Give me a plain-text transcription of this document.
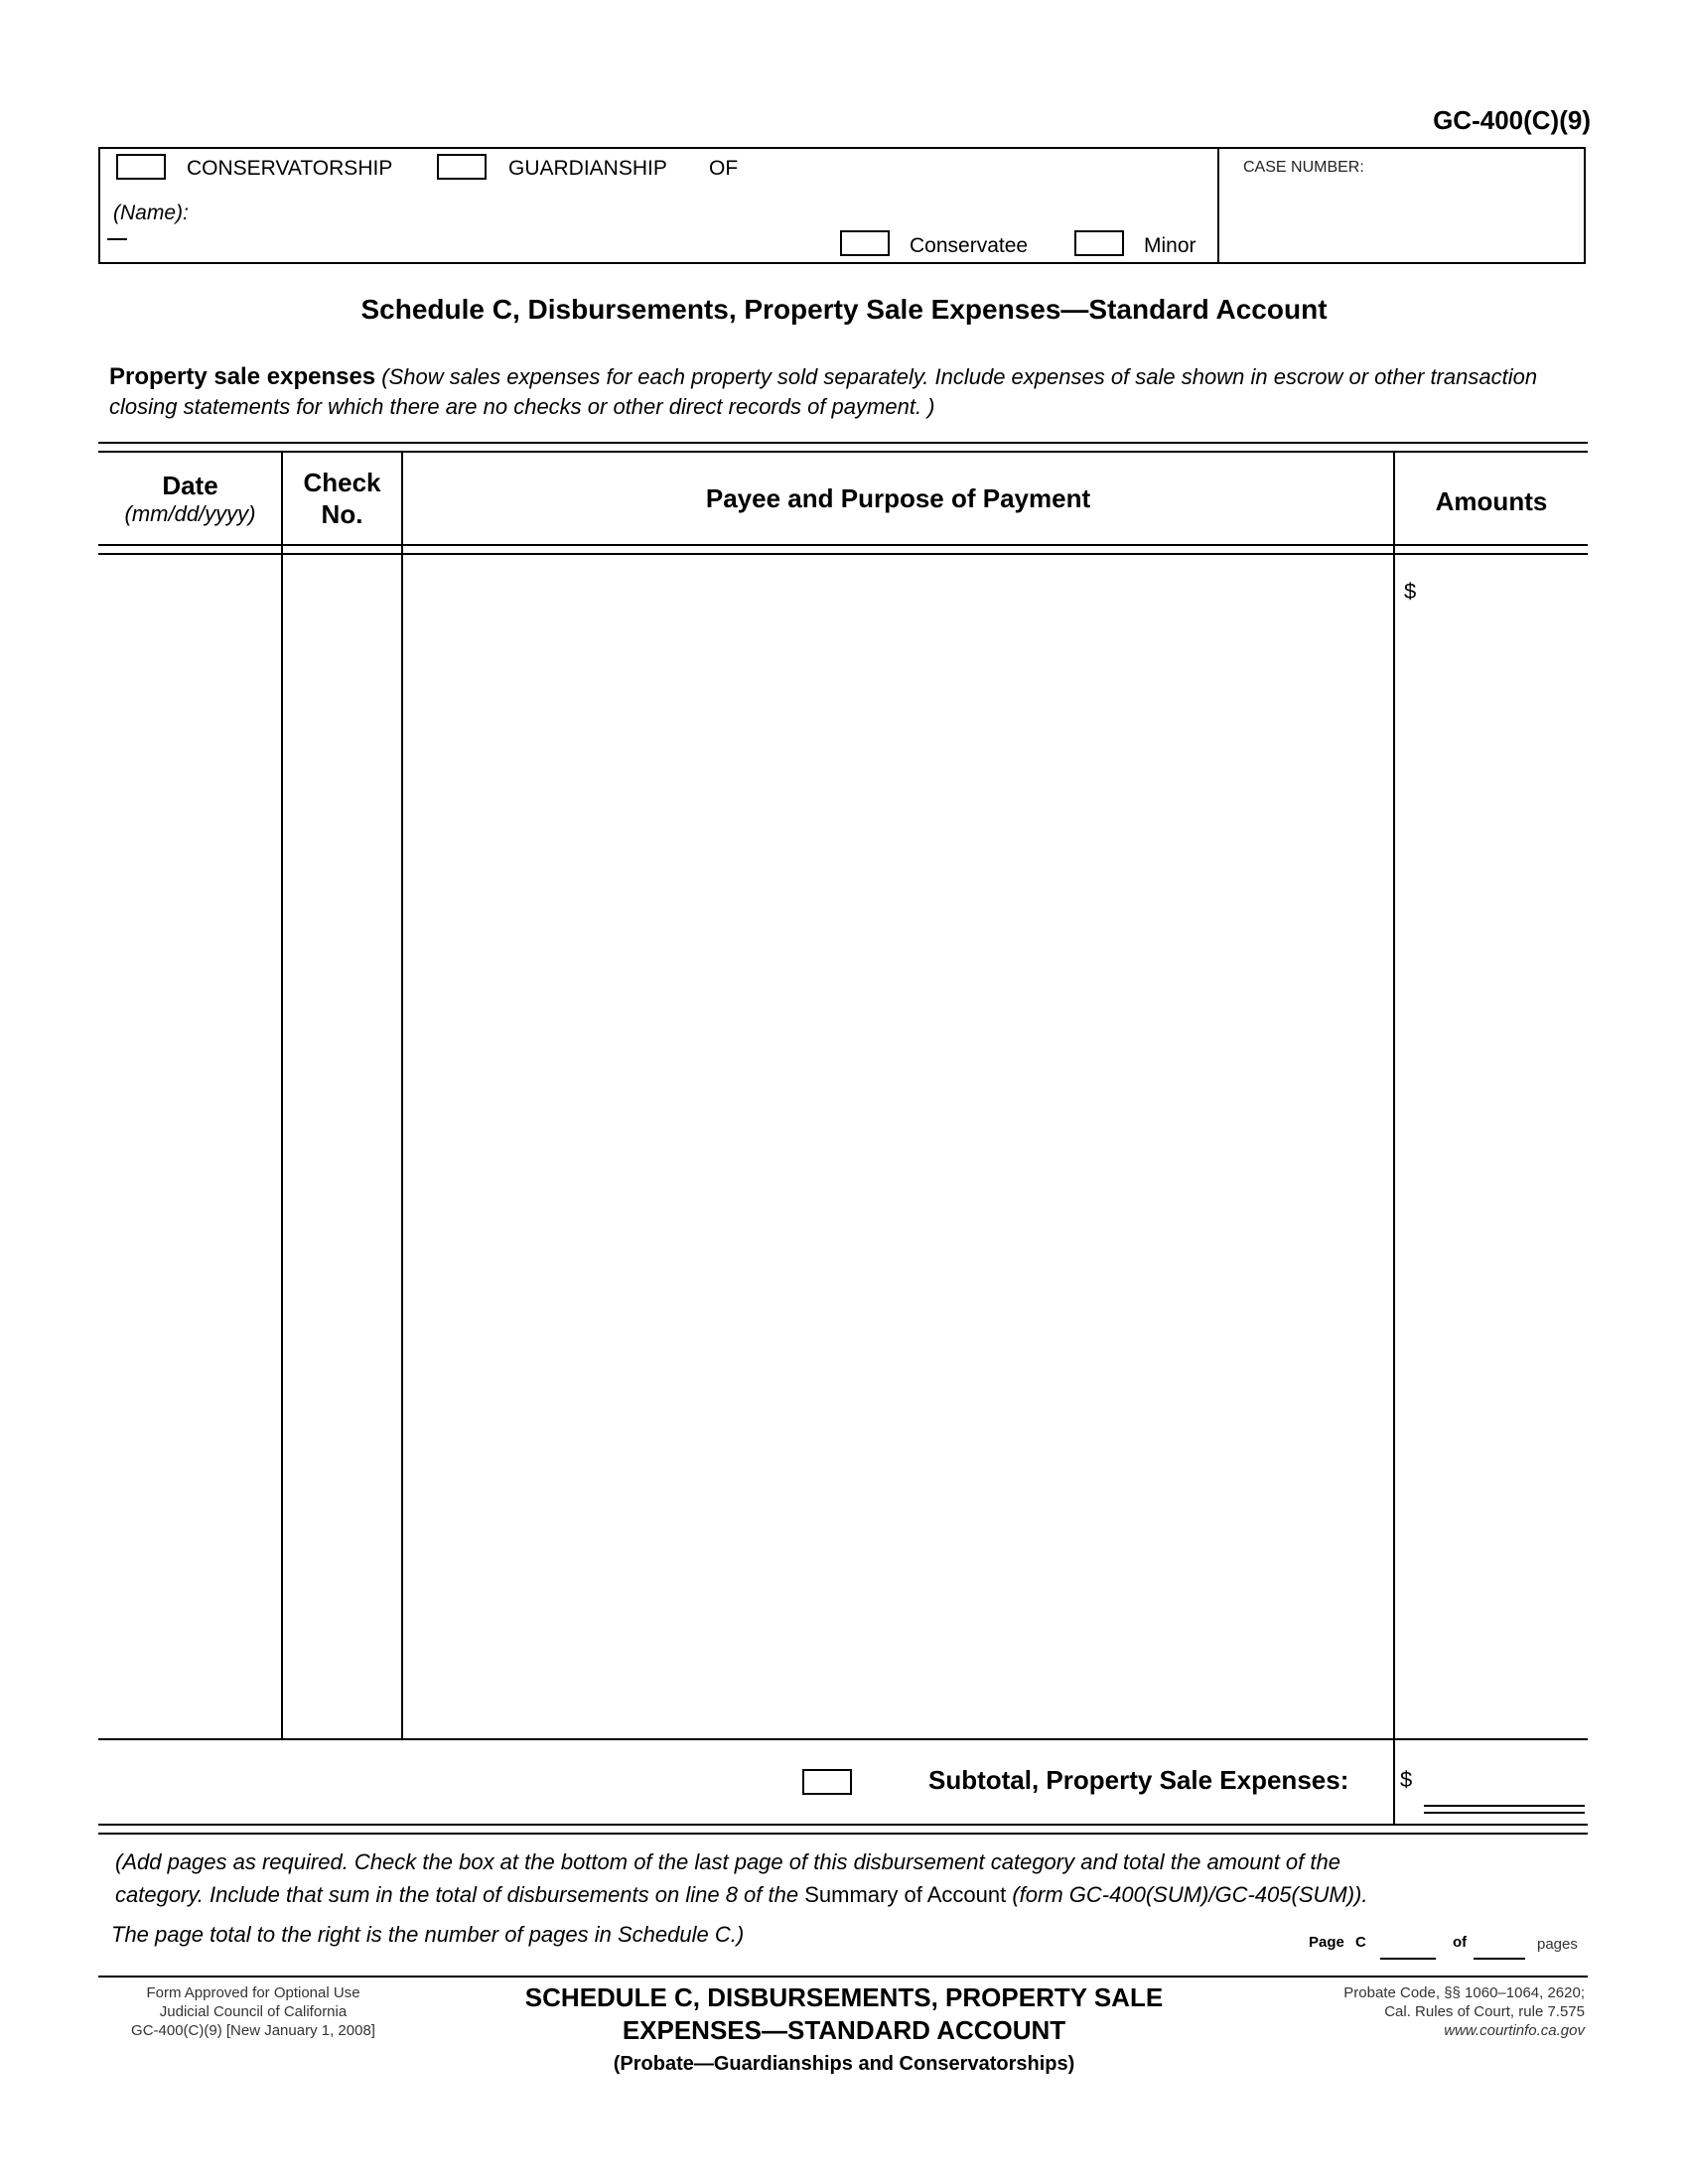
GC-400(C)(9)
CONSERVATORSHIP	GUARDIANSHIP OF
(Name):
Conservatee	Minor
CASE NUMBER:
Schedule C, Disbursements, Property Sale Expenses—Standard Account
Property sale expenses (Show sales expenses for each property sold separately. Include expenses of sale shown in escrow or other transaction closing statements for which there are no checks or other direct records of payment. )
Date
(mm/dd/yyyy)
Check
No.
Payee and Purpose of Payment	Amounts
$
Subtotal, Property Sale Expenses: $
(Add pages as required. Check the box at the bottom of the last page of this disbursement category and total the amount of the
category. Include that sum in the total of disbursements on line 8 of the Summary of Account (form GC-400(SUM)/GC-405(SUM)).
The page total to the right is the number of pages in Schedule C.)	Page C	of	pages
Form Approved for Optional Use
Judicial Council of California
GC-400(C)(9) [New January 1, 2008]
SCHEDULE C, DISBURSEMENTS, PROPERTY SALE
EXPENSES—STANDARD ACCOUNT
(Probate—Guardianships and Conservatorships)
Probate Code, §§ 1060–1064, 2620;
Cal. Rules of Court, rule 7.575
www.courtinfo.ca.gov
